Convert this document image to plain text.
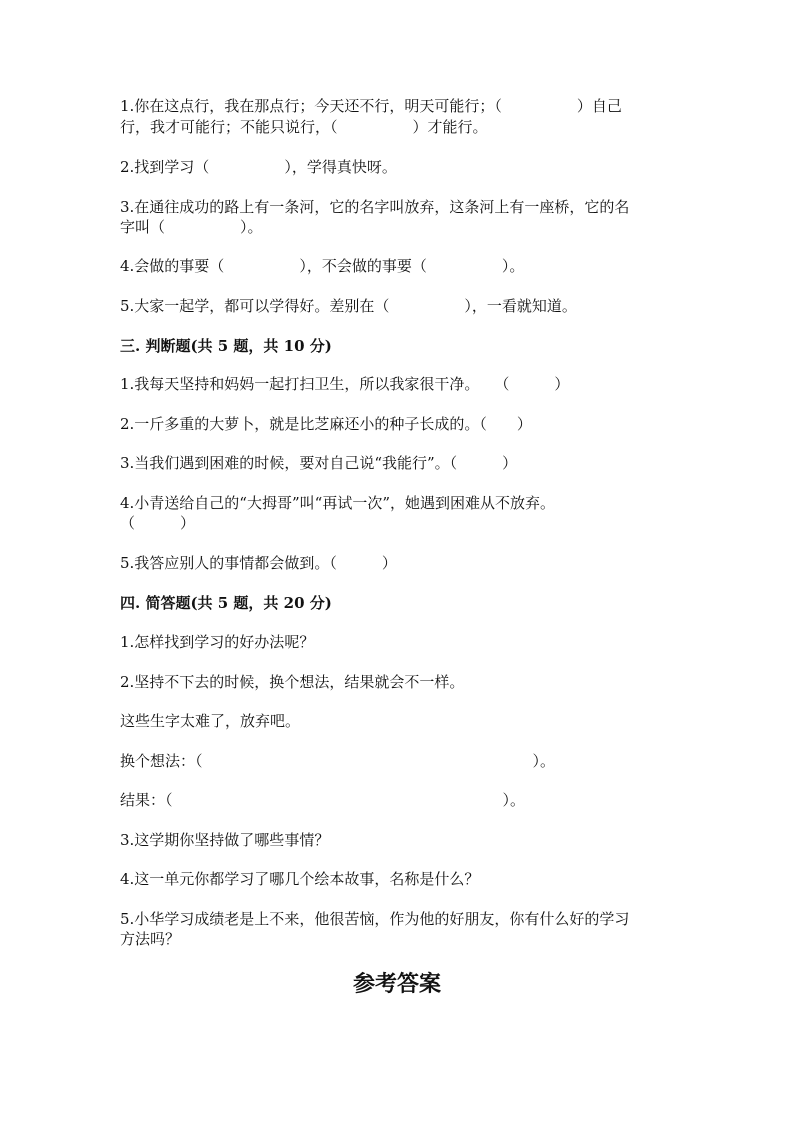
1.你在这点行，我在那点行；今天还不行，明天可能行；（　　　　　）自己

行，我才可能行；不能只说行，（　　　　　）才能行。

2.找到学习（　　　　　），学得真快呀。

3.在通往成功的路上有一条河，它的名字叫放弃，这条河上有一座桥，它的名

字叫（　　　　　）。

4.会做的事要（　　　　　），不会做的事要（　　　　　）。

5.大家一起学，都可以学得好。差别在（　　　　　），一看就知道。

三. 判断题(共 5 题，共 10 分)

1.我每天坚持和妈妈一起打扫卫生，所以我家很干净。　　（　　　）

2.一斤多重的大萝卜，就是比芝麻还小的种子长成的。（　　）

3.当我们遇到困难的时候，要对自己说“我能行”。（　　　）

4.小青送给自己的“大拇哥”叫“再试一次”，她遇到困难从不放弃。

（　　　）

5.我答应别人的事情都会做到。（　　　）

四. 简答题(共 5 题，共 20 分)

1.怎样找到学习的好办法呢？

2.坚持不下去的时候，换个想法，结果就会不一样。

这些生字太难了，放弃吧。

换个想法：（　　　　　　　　　　　　　　　　　　　　　　）。

结果：（　　　　　　　　　　　　　　　　　　　　　　）。

3.这学期你坚持做了哪些事情？

4.这一单元你都学习了哪几个绘本故事，名称是什么？

5.小华学习成绩老是上不来，他很苦恼，作为他的好朋友，你有什么好的学习

方法吗？

参考答案
